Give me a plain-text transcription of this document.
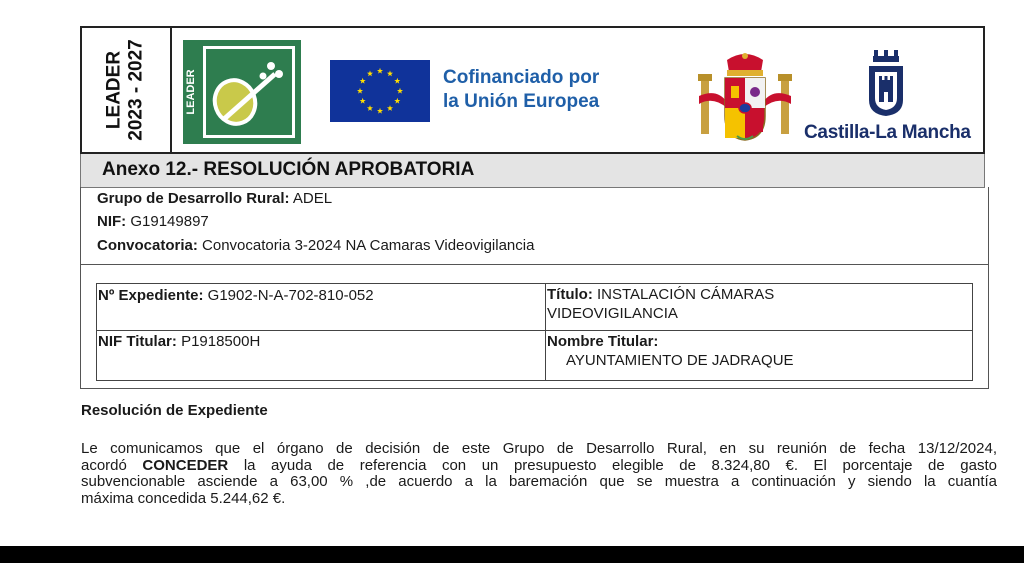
LEADER 2023 - 2027	LEADER	Cofinanciado por
la Unión Europea
Castilla-La Mancha
Anexo 12.- RESOLUCIÓN APROBATORIA
Grupo de Desarrollo Rural: ADEL
NIF: G19149897
Convocatoria: Convocatoria 3-2024 NA Camaras Videovigilancia
Nº Expediente: G1902-N-A-702-810-052	Título: INSTALACIÓN CÁMARAS
VIDEOVIGILANCIA
NIF Titular: P1918500H	Nombre Titular:
AYUNTAMIENTO DE JADRAQUE
Resolución de Expediente
Le comunicamos que el órgano de decisión de este Grupo de Desarrollo Rural, en su reunión de fecha 13/12/2024,
acordó CONCEDER la ayuda de referencia con un presupuesto elegible de 8.324,80 €. El porcentaje de gasto
subvencionable asciende a 63,00 % ,de acuerdo a la baremación que se muestra a continuación y siendo la cuantía
máxima concedida 5.244,62 €.
